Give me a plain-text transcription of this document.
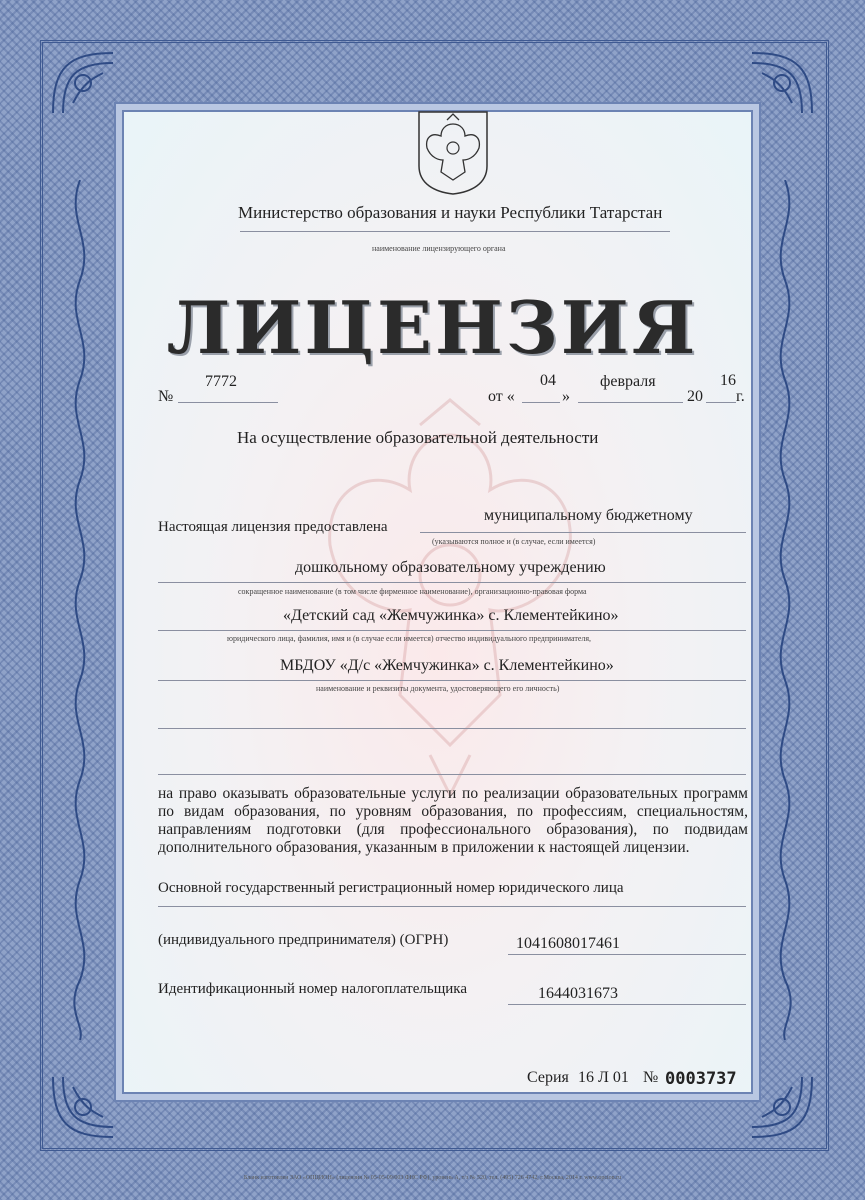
Министерство образования и науки Республики Татарстан
наименование лицензирующего органа
ЛИЦЕНЗИЯ
№
7772
от «
04
»
февраля
20
16
г.
На осуществление образовательной деятельности
Настоящая лицензия предоставлена
муниципальному бюджетному
(указываются полное и (в случае, если имеется)
дошкольному образовательному учреждению
сокращенное наименование (в том числе фирменное наименование), организационно-правовая форма
«Детский сад «Жемчужинка» с. Клементейкино»
юридического лица, фамилия, имя и (в случае если имеется) отчество индивидуального предпринимателя,
МБДОУ «Д/с «Жемчужинка» с. Клементейкино»
наименование и реквизиты документа, удостоверяющего его личность)
на право оказывать образовательные услуги по реализации образовательных программ по видам образования, по уровням образования, по профессиям, специальностям, направлениям подготовки (для профессионального образования), по подвидам дополнительного образования, указанным в приложении к настоящей лицензии.
Основной государственный регистрационный номер юридического лица
(индивидуального предпринимателя) (ОГРН)	1041608017461
Идентификационный номер налогоплательщика	1644031673
Серия 16 Л 01 № 0003737
Бланк изготовлен ЗАО «ОПЦИОН» (лицензия № 05-05-09/003 ФНС РФ), уровень А, т/з № 520, тел. (495) 726 4742, г.Москва, 2014 г. www.opcion.ru
